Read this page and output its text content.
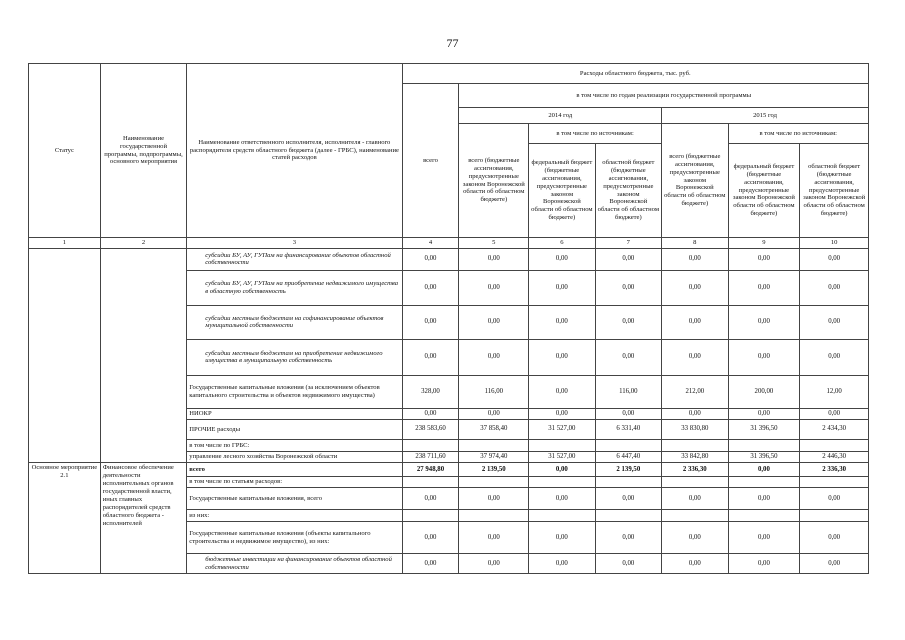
77
Статус	Наименование государственной программы, подпрограммы, основного мероприятия	Наименование ответственного исполнителя, исполнителя - главного распорядителя средств областного бюджета (далее - ГРБС), наименование статей расходов	Расходы областного бюджета, тыс. руб.						
			всего	в том числе по годам реализации государственной программы					
				2014 год			2015 год		
				всего (бюджетные ассигнования, предусмотренные законом Воронежской области об областном бюджете)	в том числе по источникам:		всего (бюджетные ассигнования, предусмотренные законом Воронежской области об областном бюджете)	в том числе по источникам:	
					федеральный бюджет (бюджетные ассигнования, предусмотренные законом Воронежской области об областном бюджете)	областной бюджет (бюджетные ассигнования, предусмотренные законом Воронежской области об областном бюджете)		федеральный бюджет (бюджетные ассигнования, предусмотренные законом Воронежской области об областном бюджете)	областной бюджет (бюджетные ассигнования, предусмотренные законом Воронежской области об областном бюджете)
1	2	3	4	5	6	7	8	9	10
		субсидии БУ, АУ, ГУПам на финансирование объектов областной собственности	0,00	0,00	0,00	0,00	0,00	0,00	0,00
		субсидии БУ, АУ, ГУПам на приобретение недвижимого имущества в областную собственность	0,00	0,00	0,00	0,00	0,00	0,00	0,00
		субсидии местным бюджетам на софинансирование объектов муниципальной собственности	0,00	0,00	0,00	0,00	0,00	0,00	0,00
		субсидии местным бюджетам на приобретение недвижимого имущества в муниципальную собственность	0,00	0,00	0,00	0,00	0,00	0,00	0,00
		Государственные капитальные вложения (за исключением объектов капитального строительства и объектов недвижимого имущества)	328,00	116,00	0,00	116,00	212,00	200,00	12,00
		НИОКР	0,00	0,00	0,00	0,00	0,00	0,00	0,00
		ПРОЧИЕ расходы	238 583,60	37 858,40	31 527,00	6 331,40	33 830,80	31 396,50	2 434,30
		в том числе по ГРБС:							
		управление лесного хозяйства Воронежской области	238 711,60	37 974,40	31 527,00	6 447,40	33 842,80	31 396,50	2 446,30
Основное мероприятие 2.1	Финансовое обеспечение деятельности исполнительных органов государственной власти, иных главных распорядителей средств областного бюджета - исполнителей	всего	27 948,80	2 139,50	0,00	2 139,50	2 336,30	0,00	2 336,30
		в том числе по статьям расходов:							
		Государственные капитальные вложения, всего	0,00	0,00	0,00	0,00	0,00	0,00	0,00
		из них:							
		Государственные капитальные вложения (объекты капитального строительства и недвижимое имущество), из них:	0,00	0,00	0,00	0,00	0,00	0,00	0,00
		бюджетные инвестиции на финансирование объектов областной собственности	0,00	0,00	0,00	0,00	0,00	0,00	0,00
